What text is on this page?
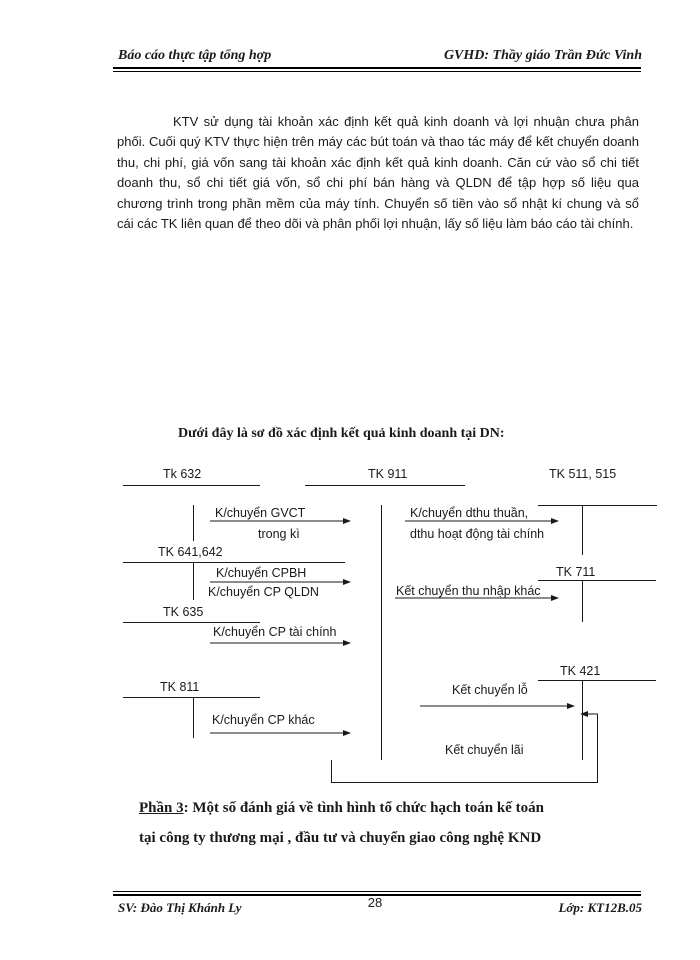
Báo cáo thực tập tổng hợp	GVHD: Thầy giáo Trần Đức Vinh

KTV sử dụng tài khoản xác định kết quả kinh doanh và lợi nhuận chưa phân phối. Cuối quý KTV thực hiện trên máy các bút toán và thao tác máy để kết chuyển doanh thu, chi phí, giá vốn sang tài khoản xác định kết quả kinh doanh. Căn cứ vào sổ chi tiết doanh thu, sổ chi tiết giá vốn, sổ chi phí bán hàng và QLDN để tập hợp số liệu qua chương trình trong phần mềm của máy tính. Chuyển số tiền vào sổ nhật kí chung và sổ cái các TK liên quan để theo dõi và phân phối lợi nhuận, lấy số liệu làm báo cáo tài chính.

Dưới đây là sơ đồ xác định kết quả kinh doanh tại DN:
Tk 632	TK 911	TK 511, 515
TK 641,642
TK 635
TK 811
TK 711
TK 421
K/chuyển GVCT
trong kì
K/chuyển CPBH
K/chuyển CP QLDN
K/chuyển CP tài chính
K/chuyển CP khác
K/chuyển dthu thuần,
dthu hoạt động tài chính
Kết chuyển thu nhập khác
Kết chuyển lỗ
Kết chuyển lãi
Phần 3: Một số đánh giá về tình hình tổ chức hạch toán kế toán
tại công ty thương mại , đầu tư và chuyển giao công nghệ KND
SV: Đào Thị Khánh Ly	28	Lớp: KT12B.05
